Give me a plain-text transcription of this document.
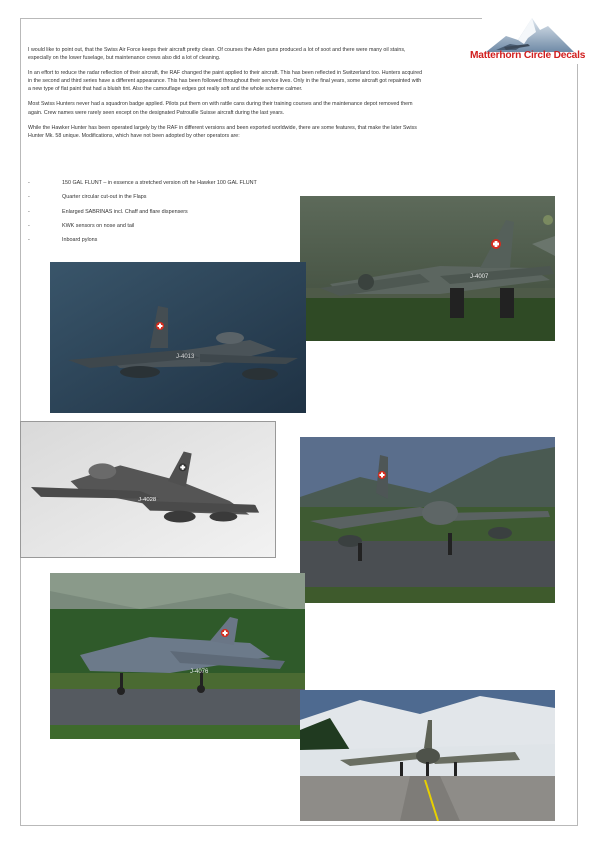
Matterhorn Circle Decals

I would like to point out, that the Swiss Air Force keeps their aircraft pretty clean. Of courses the Aden guns produced a lot of soot and there were many oil stains, especially on the lower fuselage, but maintenance crews also did a lot of cleaning.

In an effort to reduce the radar reflection of their aircraft, the RAF changed the paint applied to their aircraft. This has been reflected in Switzerland too. Hunters acquired in the second and third series have a different appearance. This has been followed throughout their service lives. Only in the final years, some aircraft got repainted with a new type of flat paint that had a bluish tint. Also the camouflage edges got really soft and the whole scheme calmer.

Most Swiss Hunters never had a squadron badge applied. Pilots put them on with rattle cans during their training courses and the maintenance depot removed them again. Crew names were rarely seen except on the designated Patrouille Suisse aircraft during the last years.

While the Hawker Hunter has been operated largely by the RAF in different versions and been exported worldwide, there are some features, that make the later Swiss Hunter Mk. 58 unique. Modifications, which have not been adopted by other operators are:

-	150 GAL FLUNT – in essence a stretched version oft he Hawker 100 GAL FLUNT
-	Quarter circular cut-out in the Flaps
-	Enlarged SABRINAS incl. Chaff and flare dispensers
-	KWK sensors on nose and tail
-	Inboard pylons
J-4007
J-4013
J-4028
J-4076
